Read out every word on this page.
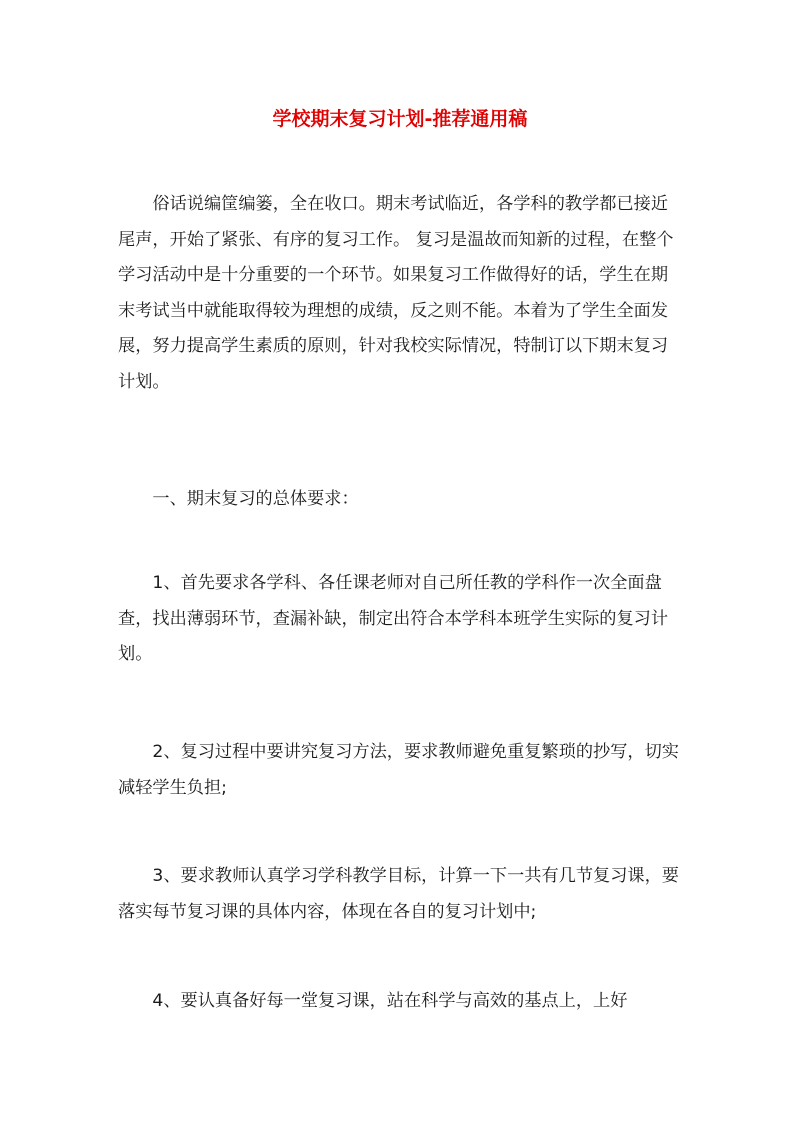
学校期末复习计划-推荐通用稿

俗话说编筐编篓，全在收口。期末考试临近，各学科的教学都已接近尾声，开始了紧张、有序的复习工作。 复习是温故而知新的过程，在整个学习活动中是十分重要的一个环节。如果复习工作做得好的话，学生在期末考试当中就能取得较为理想的成绩，反之则不能。本着为了学生全面发展，努力提高学生素质的原则，针对我校实际情况，特制订以下期末复习计划。

一、期末复习的总体要求：

1、首先要求各学科、各任课老师对自己所任教的学科作一次全面盘查，找出薄弱环节，查漏补缺，制定出符合本学科本班学生实际的复习计划。

2、复习过程中要讲究复习方法，要求教师避免重复繁琐的抄写，切实减轻学生负担;

3、要求教师认真学习学科教学目标，计算一下一共有几节复习课，要落实每节复习课的具体内容，体现在各自的复习计划中;

4、要认真备好每一堂复习课，站在科学与高效的基点上，上好
